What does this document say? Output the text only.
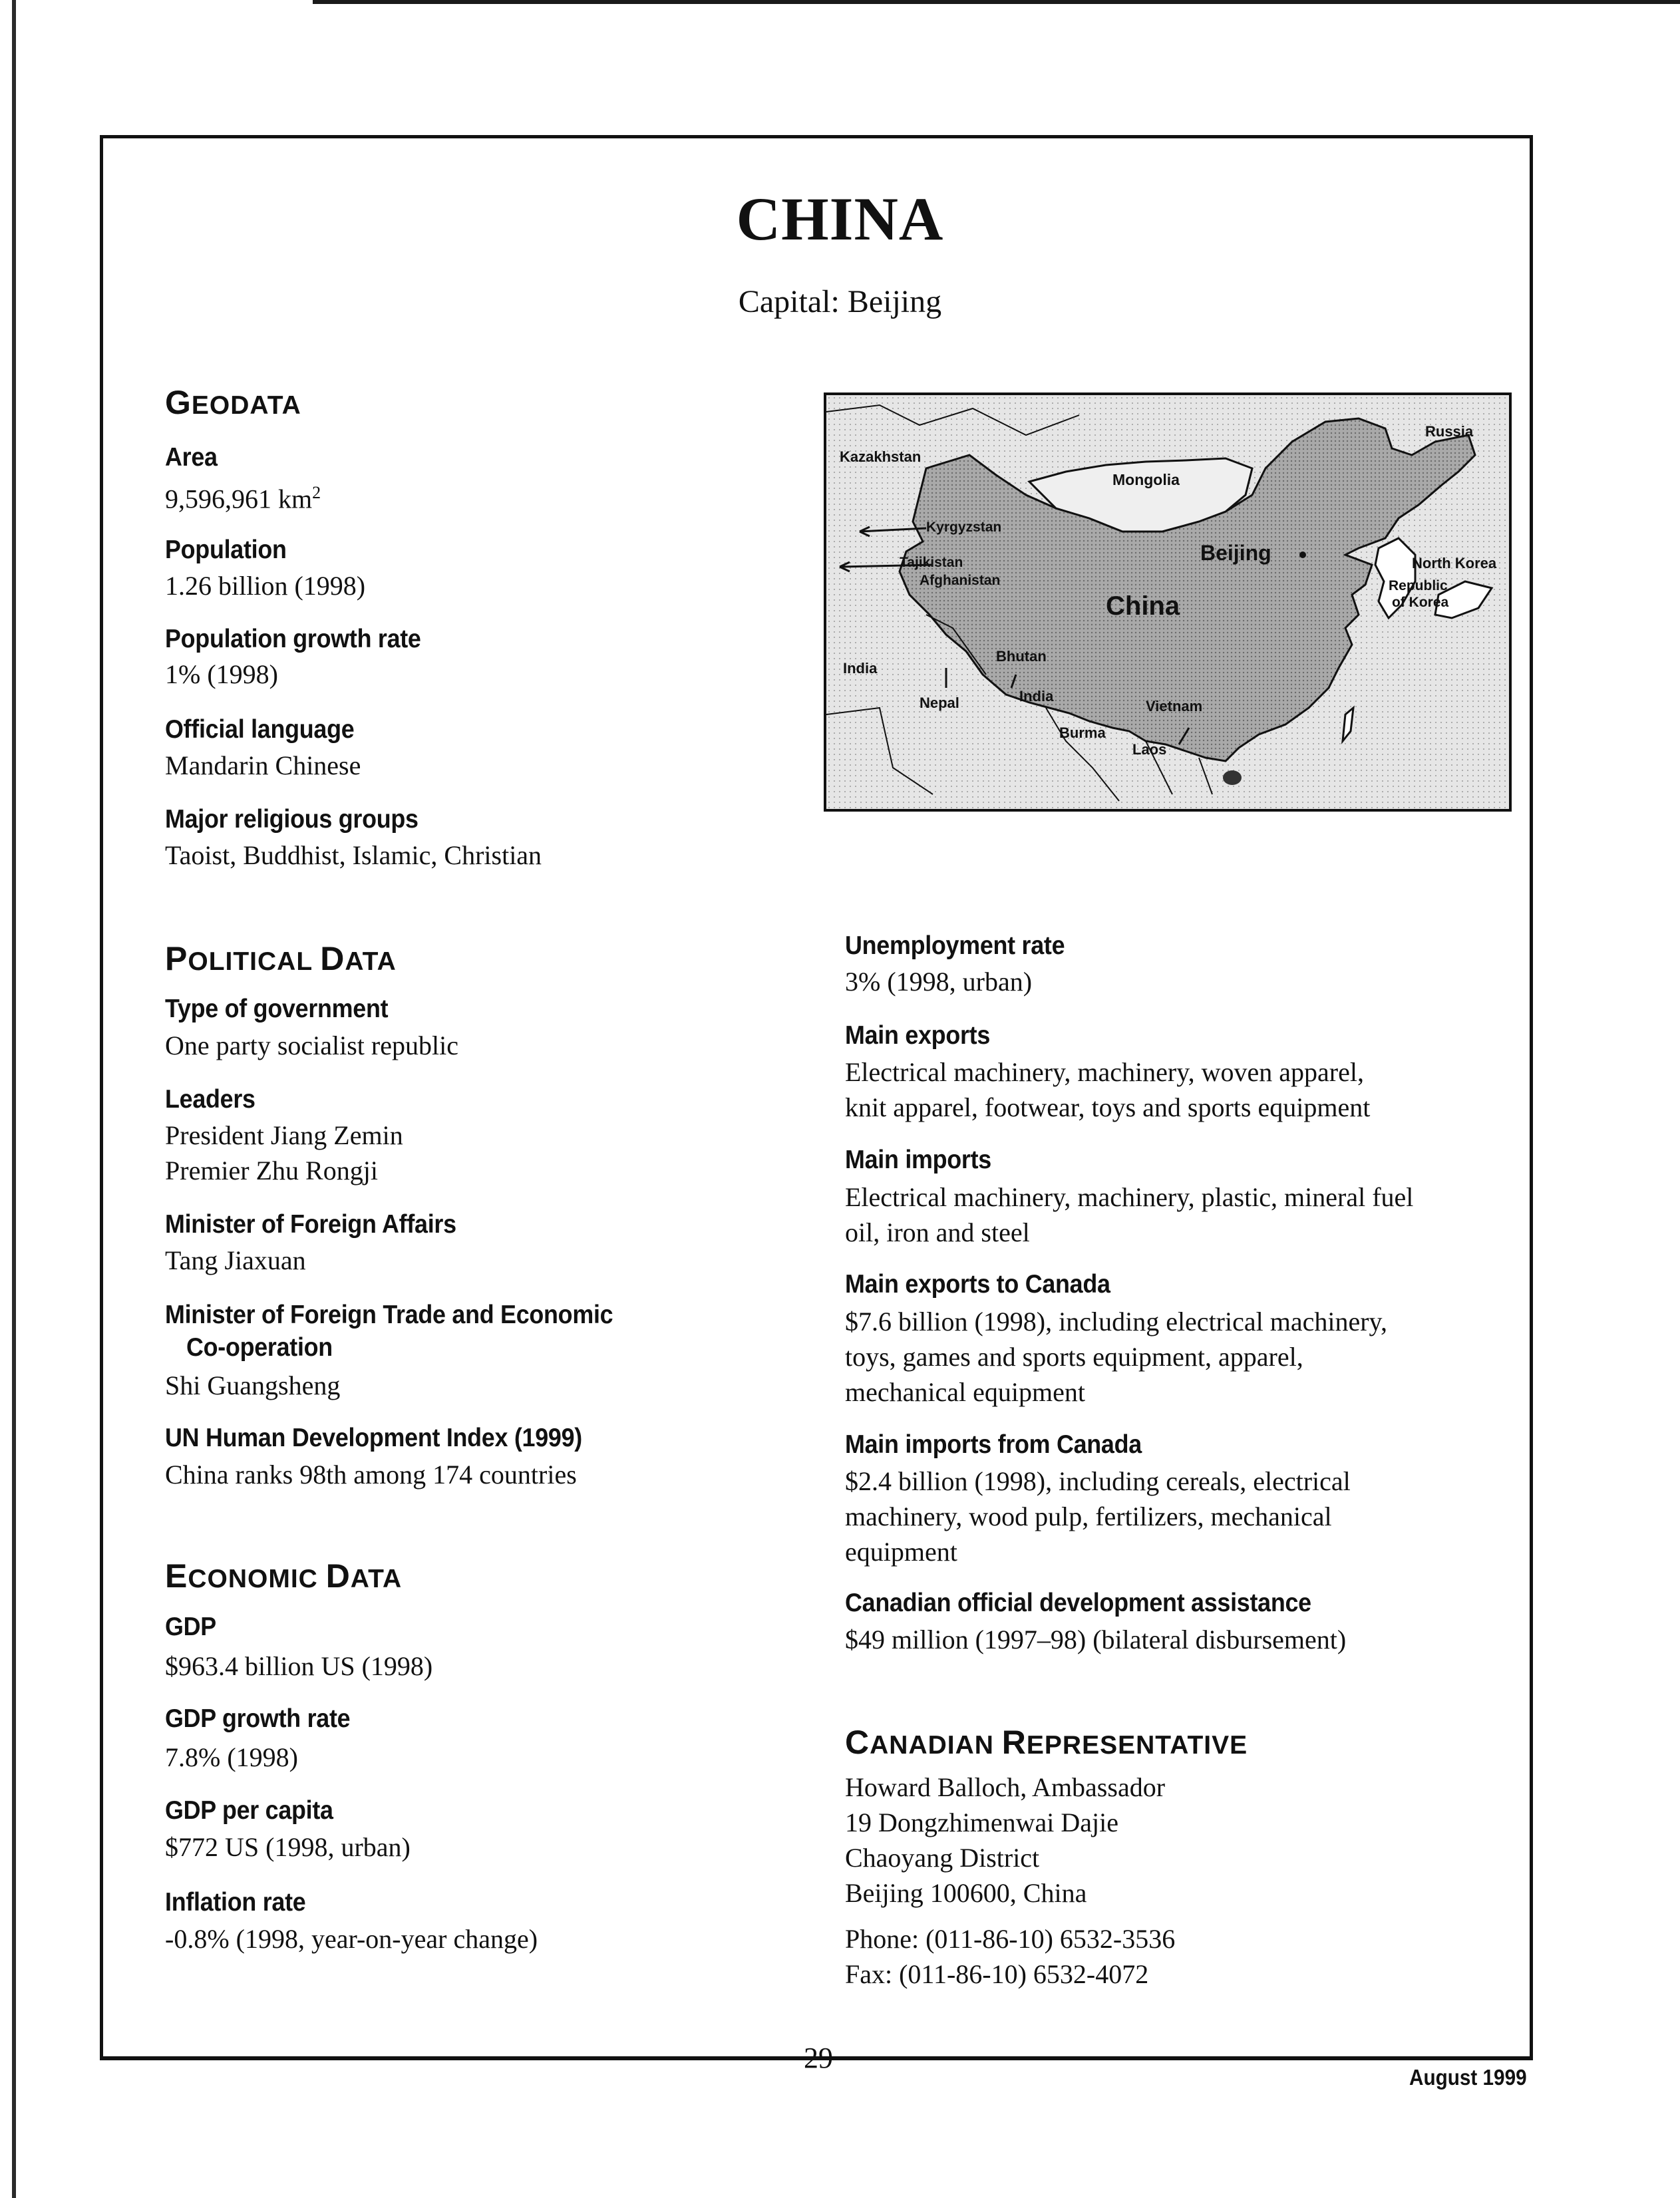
CHINA
Capital: Beijing
GEODATA
Area
9,596,961 $km^2$
Population
1.26 billion (1998)
Population growth rate
1% (1998)
Official language
Mandarin Chinese
Major religious groups
Taoist, Buddhist, Islamic, Christian
POLITICAL DATA
Type of government
One party socialist republic
Leaders
President Jiang Zemin
Premier Zhu Rongji
Minister of Foreign Affairs
Tang Jiaxuan
Minister of Foreign Trade and Economic
Co-operation
Shi Guangsheng
UN Human Development Index (1999)
China ranks 98th among 174 countries
ECONOMIC DATA
GDP
$963.4 billion US (1998)
GDP growth rate
7.8% (1998)
GDP per capita
$772 US (1998, urban)
Inflation rate
-0.8% (1998, year-on-year change)
Kazakhstan
Mongolia
Russia
Kyrgyzstan
Tajikistan
Afghanistan
Beijing	North Korea
Republic
of Korea
China
Bhutan
India
India
Nepal	Vietnam
Burma
Laos
Unemployment rate
3% (1998, urban)
Main exports
Electrical machinery, machinery, woven apparel,
knit apparel, footwear, toys and sports equipment
Main imports
Electrical machinery, machinery, plastic, mineral fuel
oil, iron and steel
Main exports to Canada
$7.6 billion (1998), including electrical machinery,
toys, games and sports equipment, apparel,
mechanical equipment
Main imports from Canada
$2.4 billion (1998), including cereals, electrical
machinery, wood pulp, fertilizers, mechanical
equipment
Canadian official development assistance
$49 million (1997–98) (bilateral disbursement)
CANADIAN REPRESENTATIVE
Howard Balloch, Ambassador
19 Dongzhimenwai Dajie
Chaoyang District
Beijing 100600, China
Phone: (011-86-10) 6532-3536
Fax: (011-86-10) 6532-4072
29
August 1999
